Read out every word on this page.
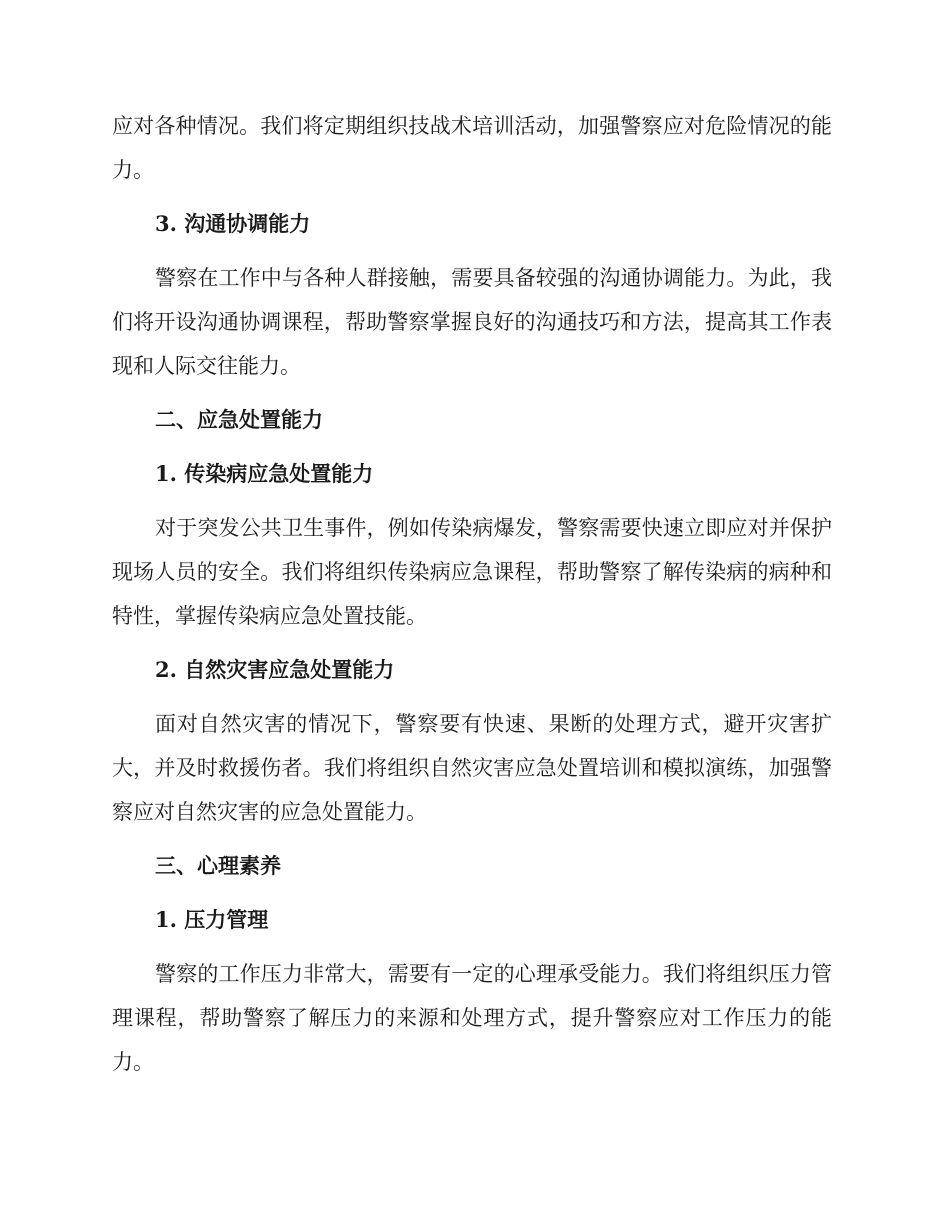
应对各种情况。我们将定期组织技战术培训活动，加强警察应对危险情况的能力。

3. 沟通协调能力

警察在工作中与各种人群接触，需要具备较强的沟通协调能力。为此，我们将开设沟通协调课程，帮助警察掌握良好的沟通技巧和方法，提高其工作表现和人际交往能力。

二、应急处置能力

1. 传染病应急处置能力

对于突发公共卫生事件，例如传染病爆发，警察需要快速立即应对并保护现场人员的安全。我们将组织传染病应急课程，帮助警察了解传染病的病种和特性，掌握传染病应急处置技能。

2. 自然灾害应急处置能力

面对自然灾害的情况下，警察要有快速、果断的处理方式，避开灾害扩大，并及时救援伤者。我们将组织自然灾害应急处置培训和模拟演练，加强警察应对自然灾害的应急处置能力。

三、心理素养

1. 压力管理

警察的工作压力非常大，需要有一定的心理承受能力。我们将组织压力管理课程，帮助警察了解压力的来源和处理方式，提升警察应对工作压力的能力。
